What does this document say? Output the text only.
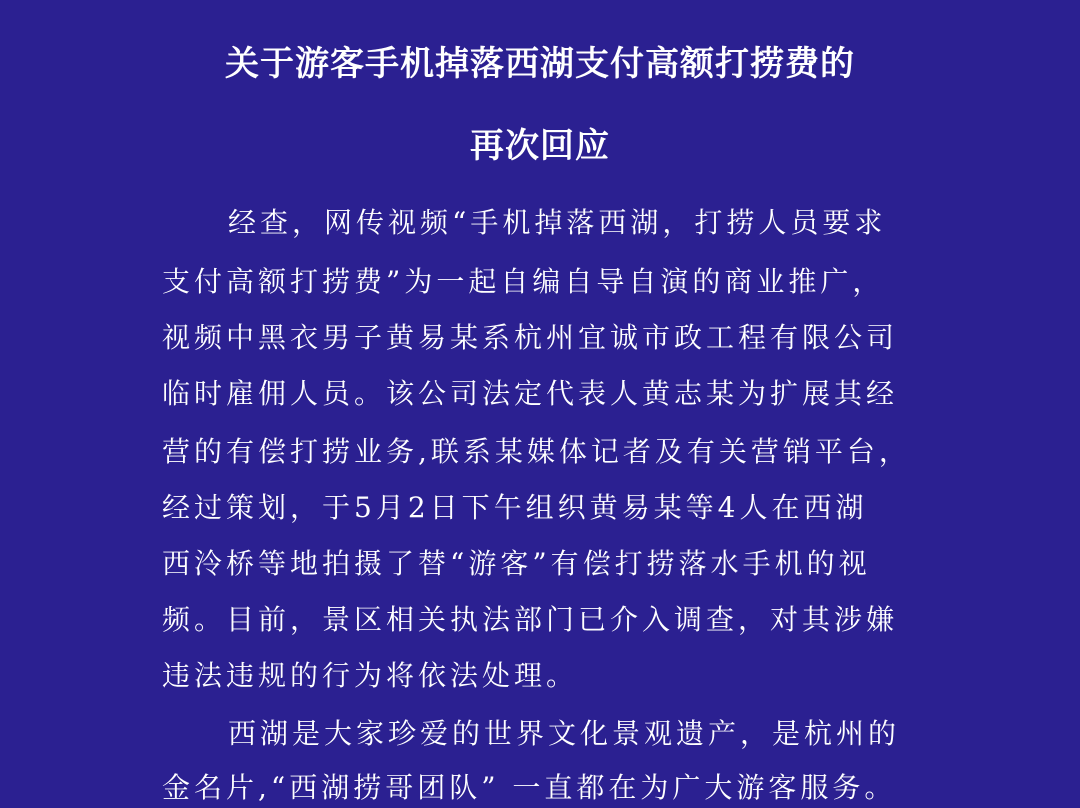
关于游客手机掉落西湖支付高额打捞费的
再次回应
经查，网传视频“手机掉落西湖，打捞人员要求
支付高额打捞费”为一起自编自导自演的商业推广，
视频中黑衣男子黄易某系杭州宜诚市政工程有限公司
临时雇佣人员。该公司法定代表人黄志某为扩展其经
营的有偿打捞业务,联系某媒体记者及有关营销平台，
经过策划，于5月2日下午组织黄易某等4人在西湖
西泠桥等地拍摄了替“游客”有偿打捞落水手机的视
频。目前，景区相关执法部门已介入调查，对其涉嫌
违法违规的行为将依法处理。
西湖是大家珍爱的世界文化景观遗产，是杭州的
金名片,“西湖捞哥团队” 一直都在为广大游客服务。
